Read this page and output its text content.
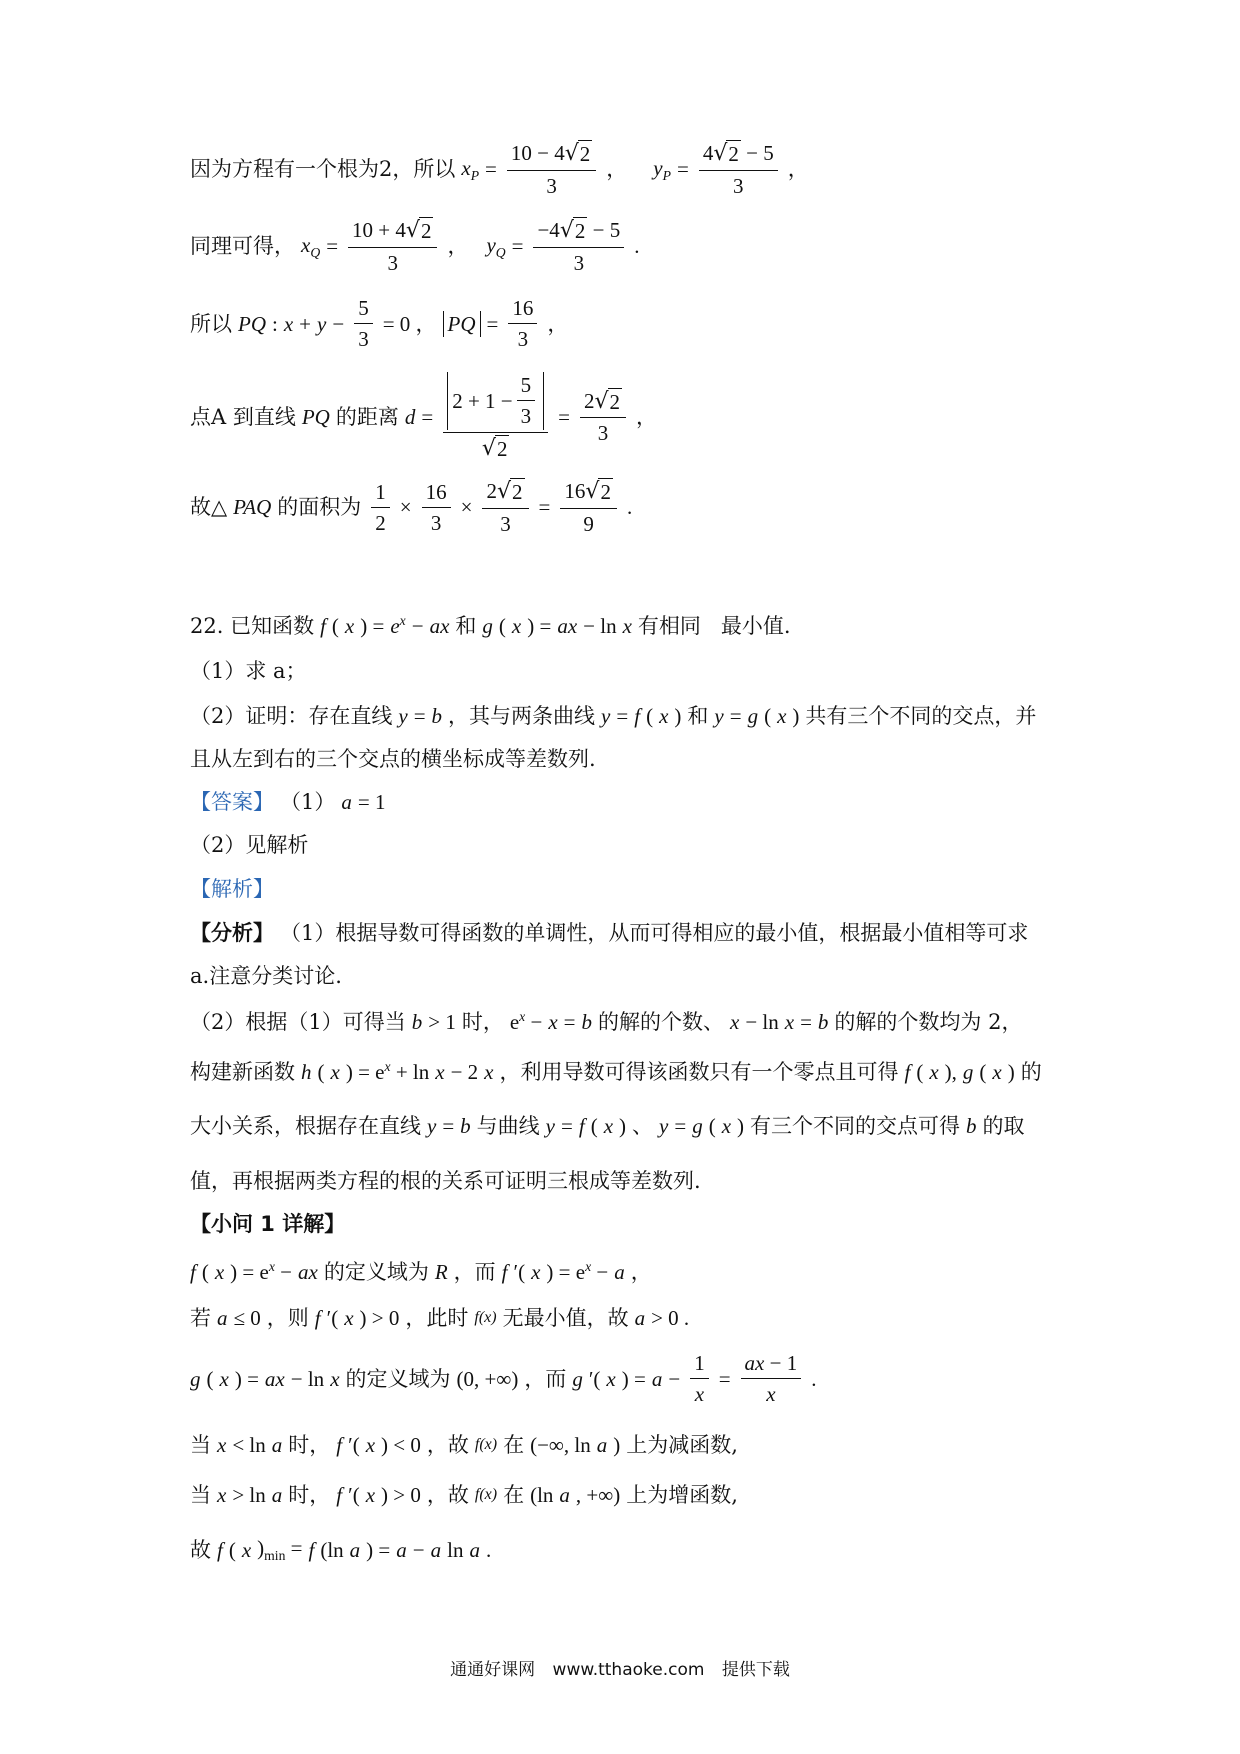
因为方程有一个根为2，所以 $x_P = \frac{10 - 4 √ 2}{3}$ ， $y_P = \frac{4 √ 2 - 5}{3}$ ，
同理可得， $x_Q = \frac{10 + 4 √ 2}{3}$ ， $y_Q = \frac{-4 √ 2 - 5}{3}$ .
所以 PQ : $x + y - \frac{5}{3} = 0$ ， PQ = $\frac{16}{3}$ ，
点A 到直线 PQ 的距离 $d = \frac{2 + 1 - \frac{5}{3}}{√ 2} = \frac{2 √ 2}{3}$ ，
故△ PAQ 的面积为 $\frac{1}{2} \times \frac{16}{3} \times \frac{2 √ 2}{3} = \frac{16 √ 2}{9}$ .
22. 已知函数 f ( x ) = $e^x$ − ax 和 g ( x ) = ax − ln x 有相同 最小值.
（1）求 a；
（2）证明：存在直线 y = b ，其与两条曲线 y = f ( x ) 和 y = g ( x ) 共有三个不同的交点，并
且从左到右的三个交点的横坐标成等差数列.
【答案】 （1） a = 1
（2）见解析
【解析】
【分析】 （1）根据导数可得函数的单调性，从而可得相应的最小值，根据最小值相等可求
a.注意分类讨论.
（2）根据（1）可得当 b > 1 时， $e^x - x = b$ 的解的个数、 x − ln x = b 的解的个数均为 2，
构建新函数 h ( x ) = $e^x + \ln x - 2$ x ，利用导数可得该函数只有一个零点且可得 f ( x ), g ( x ) 的
大小关系，根据存在直线 y = b 与曲线 y = f ( x ) 、 y = g ( x ) 有三个不同的交点可得 b 的取
值，再根据两类方程的根的关系可证明三根成等差数列.
【小问 1 详解】
f ( x ) = $e^x$ − ax 的定义域为 R ，而 f ′( x ) = $e^x - a$ ，
若 a ≤ 0 ，则 f ′( x ) > 0 ，此时 f(x) 无最小值，故 a > 0 .
g ( x ) = ax − ln x 的定义域为 (0, +∞) ，而 g ′( x ) = $a - \frac{1}{x} = \frac{ax - 1}{x}$ .
当 x < ln a 时， f ′( x ) < 0 ，故 f(x) 在 (−∞, ln a ) 上为减函数,
当 x > ln a 时， f ′( x ) > 0 ，故 f(x) 在 (ln a , +∞) 上为增函数,
故 f ( x )$_{min} = f$ (ln a ) = a − a ln a .
通通好课网 www.tthaoke.com 提供下载
